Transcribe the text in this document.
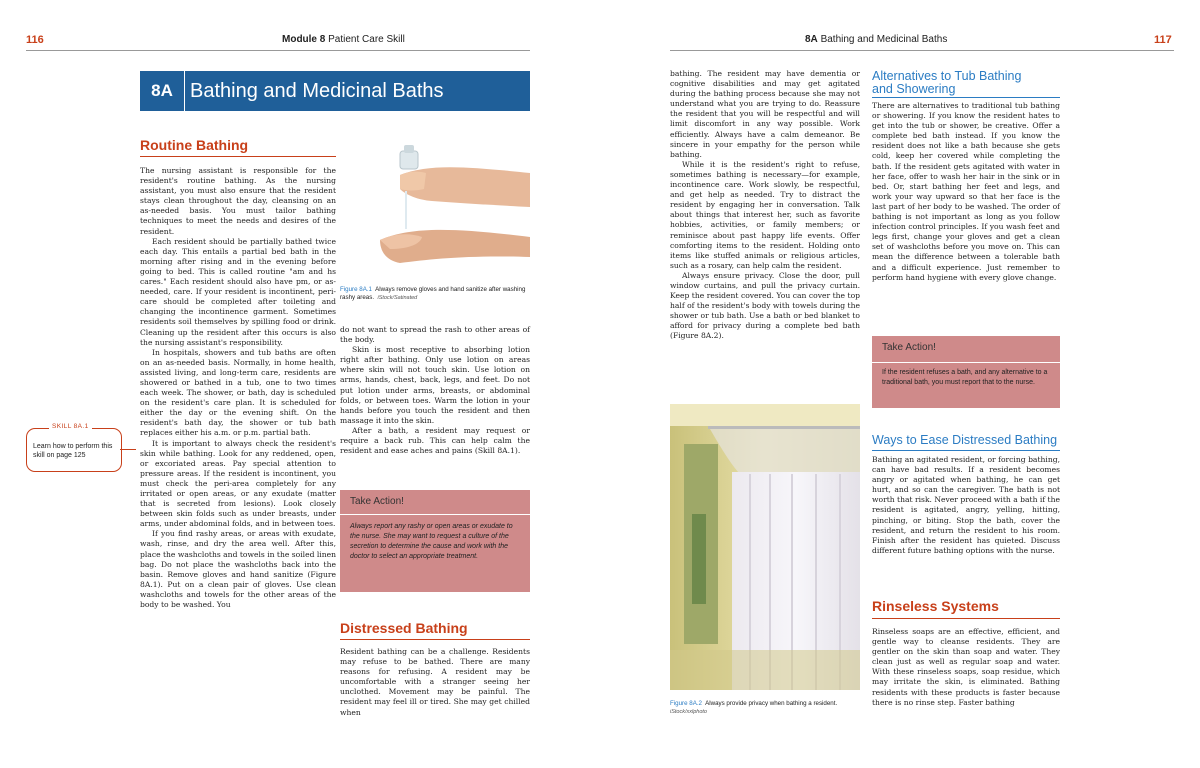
116	Module 8 Patient Care Skill
8A Bathing and Medicinal Baths
Routine Bathing
Figure 8A.1 Always remove gloves and hand sanitize after washing rashy areas. iStock/Satinated

The nursing assistant is responsible for the resident's routine bathing. As the nursing assistant, you must also ensure that the resident stays clean throughout the day, cleansing on an as-needed basis. You must tailor bathing techniques to meet the needs and desires of the resident.

Each resident should be partially bathed twice each day. This entails a partial bed bath in the morning after rising and in the evening before going to bed. This is called routine "am and hs cares." Each resident should also have pm, or as-needed, care. If your resident is incontinent, peri-care should be completed after toileting and changing the incontinence garment. Sometimes residents soil themselves by spilling food or drink. Cleaning up the resident after this occurs is also the nursing assistant's responsibility.

In hospitals, showers and tub baths are often on an as-needed basis. Normally, in home health, assisted living, and long-term care, residents are showered or bathed in a tub, one to two times each week. The shower, or bath, day is scheduled on the resident's care plan. It is scheduled for either the day or the evening shift. On the resident's bath day, the shower or tub bath replaces either his a.m. or p.m. partial bath.

It is important to always check the resident's skin while bathing. Look for any reddened, open, or excoriated areas. Pay special attention to pressure areas. If the resident is incontinent, you must check the peri-area completely for any irritated or open areas, or any exudate (matter that is secreted from lesions). Look closely between skin folds such as under breasts, under arms, under abdominal folds, and in between toes.

If you find rashy areas, or areas with exudate, wash, rinse, and dry the area well. After this, place the washcloths and towels in the soiled linen bag. Do not place the washcloths back into the basin. Remove gloves and hand sanitize (Figure 8A.1). Put on a clean pair of gloves. Use clean washcloths and towels for the other areas of the body to be washed. You

SKILL 8A.1
Learn how to perform this skill on page 125

do not want to spread the rash to other areas of the body.

Skin is most receptive to absorbing lotion right after bathing. Only use lotion on areas where skin will not touch skin. Use lotion on arms, hands, chest, back, legs, and feet. Do not put lotion under arms, breasts, or abdominal folds, or between toes. Warm the lotion in your hands before you touch the resident and then massage it into the skin.

After a bath, a resident may request or require a back rub. This can help calm the resident and ease aches and pains (Skill 8A.1).

Take Action!
Always report any rashy or open areas or exudate to the nurse. She may want to request a culture of the secretion to determine the cause and work with the doctor to select an appropriate treatment.
Distressed Bathing

Resident bathing can be a challenge. Residents may refuse to be bathed. There are many reasons for refusing. A resident may be uncomfortable with a stranger seeing her unclothed. Movement may be painful. The resident may feel ill or tired. She may get chilled when

8A Bathing and Medicinal Baths	117

bathing. The resident may have dementia or cognitive disabilities and may get agitated during the bathing process because she may not understand what you are trying to do. Reassure the resident that you will be respectful and will limit discomfort in any way possible. Work efficiently. Always have a calm demeanor. Be sincere in your empathy for the person while bathing.

While it is the resident's right to refuse, sometimes bathing is necessary—for example, incontinence care. Work slowly, be respectful, and get help as needed. Try to distract the resident by engaging her in conversation. Talk about things that interest her, such as favorite hobbies, activities, or family members; or reminisce about past happy life events. Offer comforting items to the resident. Holding onto items like stuffed animals or religious articles, such as a rosary, can help calm the resident.

Always ensure privacy. Close the door, pull window curtains, and pull the privacy curtain. Keep the resident covered. You can cover the top half of the resident's body with towels during the shower or tub bath. Use a bath or bed blanket to afford for privacy during a complete bed bath (Figure 8A.2).

Figure 8A.2 Always provide privacy when bathing a resident.  iStock/xxlphoto
Alternatives to Tub Bathing
and Showering

There are alternatives to traditional tub bathing or showering. If you know the resident hates to get into the tub or shower, be creative. Offer a complete bed bath instead. If you know the resident does not like a bath because she gets cold, keep her covered while completing the bath. If the resident gets agitated with water in her face, offer to wash her hair in the sink or in bed. Or, start bathing her feet and legs, and work your way upward so that her face is the last part of her body to be washed. The order of bathing is not important as long as you follow infection control principles. If you wash feet and legs first, change your gloves and get a clean set of washcloths before you move on. This can mean the difference between a tolerable bath and a difficult experience. Just remember to perform hand hygiene with every glove change.

Take Action!
If the resident refuses a bath, and any alternative to a traditional bath, you must report that to the nurse.
Ways to Ease Distressed Bathing

Bathing an agitated resident, or forcing bathing, can have bad results. If a resident becomes angry or agitated when bathing, he can get hurt, and so can the caregiver. The bath is not worth that risk. Never proceed with a bath if the resident is agitated, angry, yelling, hitting, pinching, or biting. Stop the bath, cover the resident, and return the resident to his room. Finish after the resident has quieted. Discuss different future bathing options with the nurse.

Rinseless Systems

Rinseless soaps are an effective, efficient, and gentle way to cleanse residents. They are gentler on the skin than soap and water. They clean just as well as regular soap and water. With these rinseless soaps, soap residue, which may irritate the skin, is eliminated. Bathing residents with these products is faster because there is no rinse step. Faster bathing
